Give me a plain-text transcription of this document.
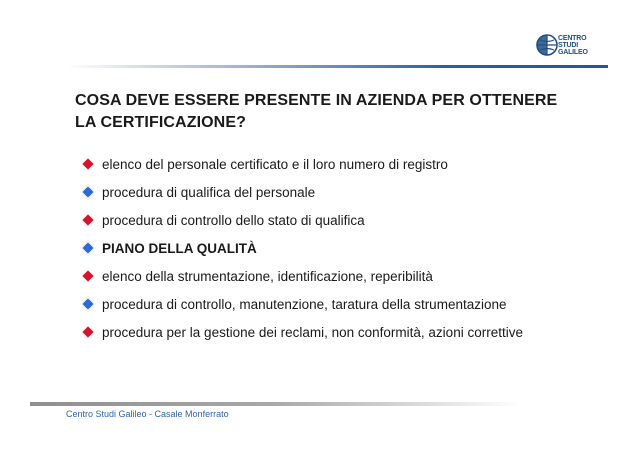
CENTRO
STUDI
GALILEO
COSA DEVE ESSERE PRESENTE IN AZIENDA PER OTTENERE
LA CERTIFICAZIONE?
elenco del personale certificato e il loro numero di registro
procedura di qualifica del personale
procedura di controllo dello stato di qualifica
PIANO DELLA QUALITÀ
elenco della strumentazione, identificazione, reperibilità
procedura di controllo, manutenzione, taratura della strumentazione
procedura per la gestione dei reclami, non conformità, azioni correttive
Centro Studi Galileo - Casale Monferrato
